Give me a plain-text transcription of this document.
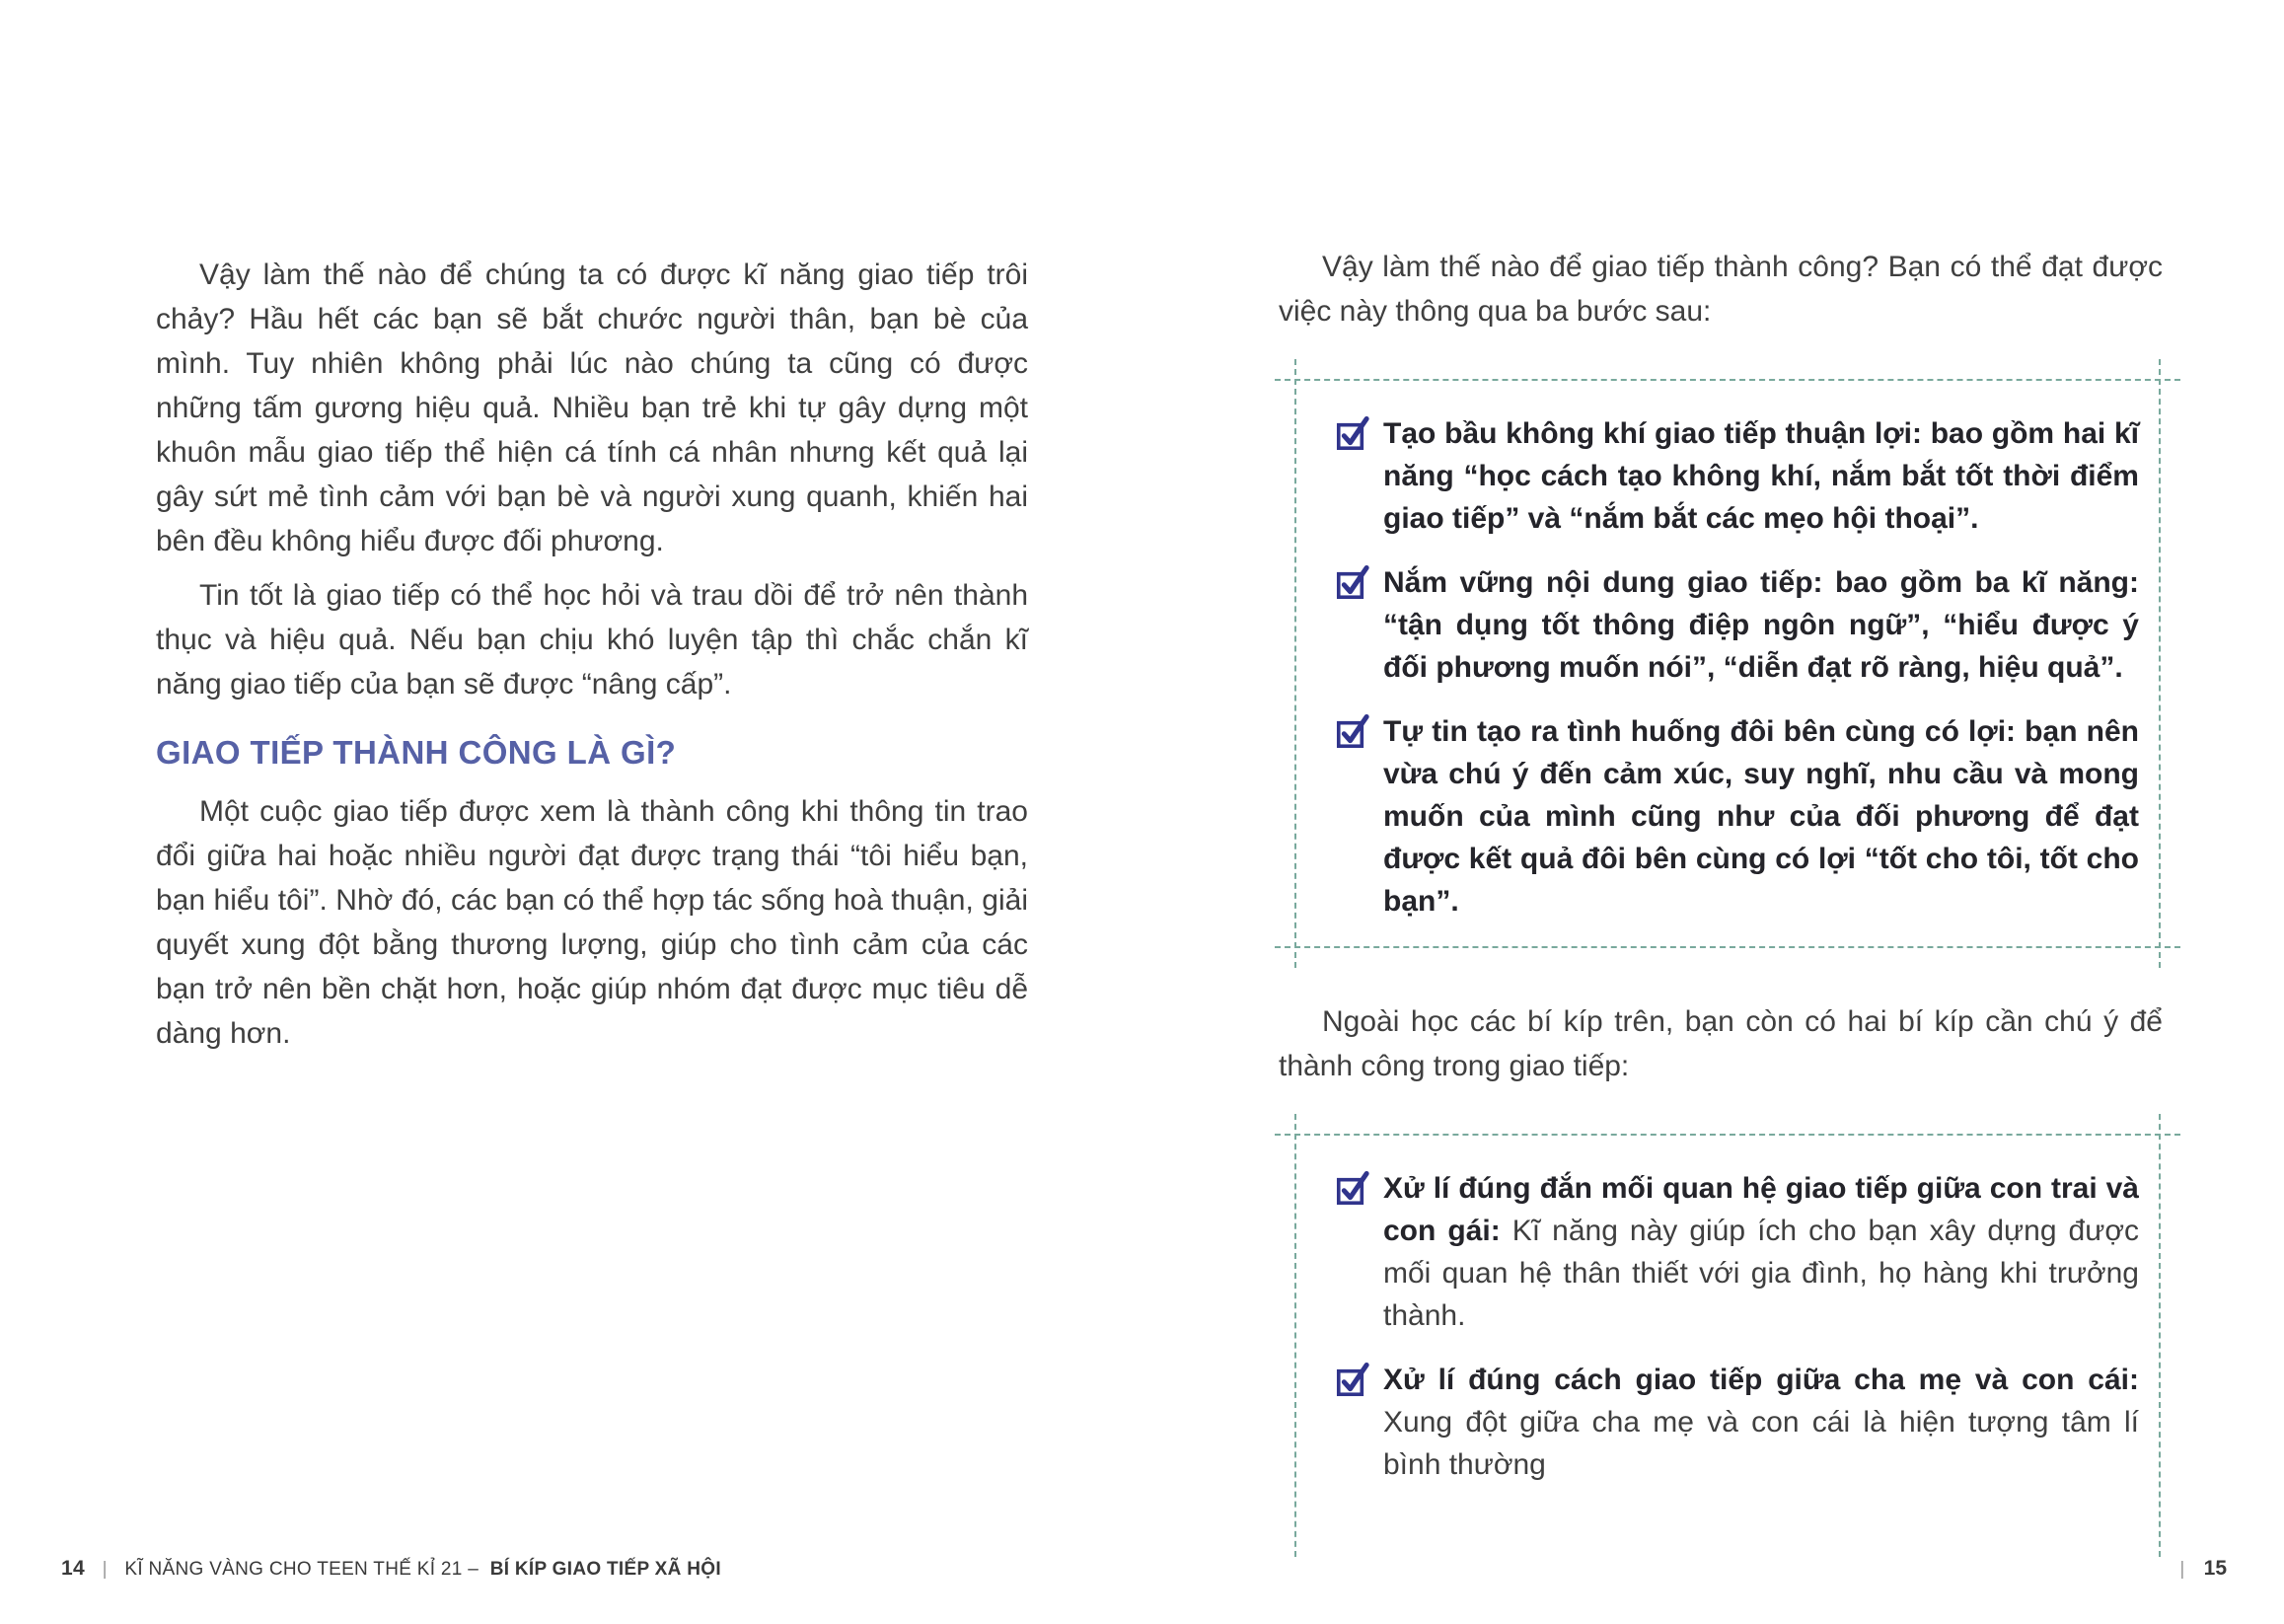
Vậy làm thế nào để chúng ta có được kĩ năng giao tiếp trôi chảy? Hầu hết các bạn sẽ bắt chước người thân, bạn bè của mình. Tuy nhiên không phải lúc nào chúng ta cũng có được những tấm gương hiệu quả. Nhiều bạn trẻ khi tự gây dựng một khuôn mẫu giao tiếp thể hiện cá tính cá nhân nhưng kết quả lại gây sứt mẻ tình cảm với bạn bè và người xung quanh, khiến hai bên đều không hiểu được đối phương.

Tin tốt là giao tiếp có thể học hỏi và trau dồi để trở nên thành thục và hiệu quả. Nếu bạn chịu khó luyện tập thì chắc chắn kĩ năng giao tiếp của bạn sẽ được “nâng cấp”.

GIAO TIẾP THÀNH CÔNG LÀ GÌ?

Một cuộc giao tiếp được xem là thành công khi thông tin trao đổi giữa hai hoặc nhiều người đạt được trạng thái “tôi hiểu bạn, bạn hiểu tôi”. Nhờ đó, các bạn có thể hợp tác sống hoà thuận, giải quyết xung đột bằng thương lượng, giúp cho tình cảm của các bạn trở nên bền chặt hơn, hoặc giúp nhóm đạt được mục tiêu dễ dàng hơn.

14 | KĨ NĂNG VÀNG CHO TEEN THẾ KỈ 21 – BÍ KÍP GIAO TIẾP XÃ HỘI

Vậy làm thế nào để giao tiếp thành công? Bạn có thể đạt được việc này thông qua ba bước sau:

Tạo bầu không khí giao tiếp thuận lợi: bao gồm hai kĩ năng “học cách tạo không khí, nắm bắt tốt thời điểm giao tiếp” và “nắm bắt các mẹo hội thoại”.
Nắm vững nội dung giao tiếp: bao gồm ba kĩ năng: “tận dụng tốt thông điệp ngôn ngữ”, “hiểu được ý đối phương muốn nói”, “diễn đạt rõ ràng, hiệu quả”.
Tự tin tạo ra tình huống đôi bên cùng có lợi: bạn nên vừa chú ý đến cảm xúc, suy nghĩ, nhu cầu và mong muốn của mình cũng như của đối phương để đạt được kết quả đôi bên cùng có lợi “tốt cho tôi, tốt cho bạn”.

Ngoài học các bí kíp trên, bạn còn có hai bí kíp cần chú ý để thành công trong giao tiếp:

Xử lí đúng đắn mối quan hệ giao tiếp giữa con trai và con gái: Kĩ năng này giúp ích cho bạn xây dựng được mối quan hệ thân thiết với gia đình, họ hàng khi trưởng thành.
Xử lí đúng cách giao tiếp giữa cha mẹ và con cái: Xung đột giữa cha mẹ và con cái là hiện tượng tâm lí bình thường
| 15
